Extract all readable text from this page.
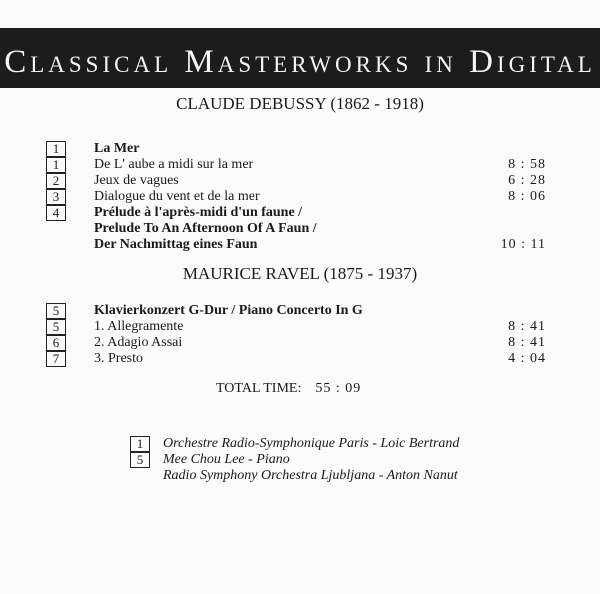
Classical Masterworks in Digital
CLAUDE DEBUSSY (1862 - 1918)
1	La Mer
1	De L' aube a midi sur la mer	8 : 58
2	Jeux de vagues	6 : 28
3	Dialogue du vent et de la mer	8 : 06
4	Prélude à l'après-midi d'un faune /
Prelude To An Afternoon Of A Faun /
Der Nachmittag eines Faun	10 : 11
MAURICE RAVEL (1875 - 1937)
5	Klavierkonzert G-Dur / Piano Concerto In G
5	1. Allegramente	8 : 41
6	2. Adagio Assai	8 : 41
7	3. Presto	4 : 04
TOTAL TIME: 55 : 09
1	Orchestre Radio-Symphonique Paris - Loic Bertrand
5	Mee Chou Lee - Piano
Radio Symphony Orchestra Ljubljana - Anton Nanut
